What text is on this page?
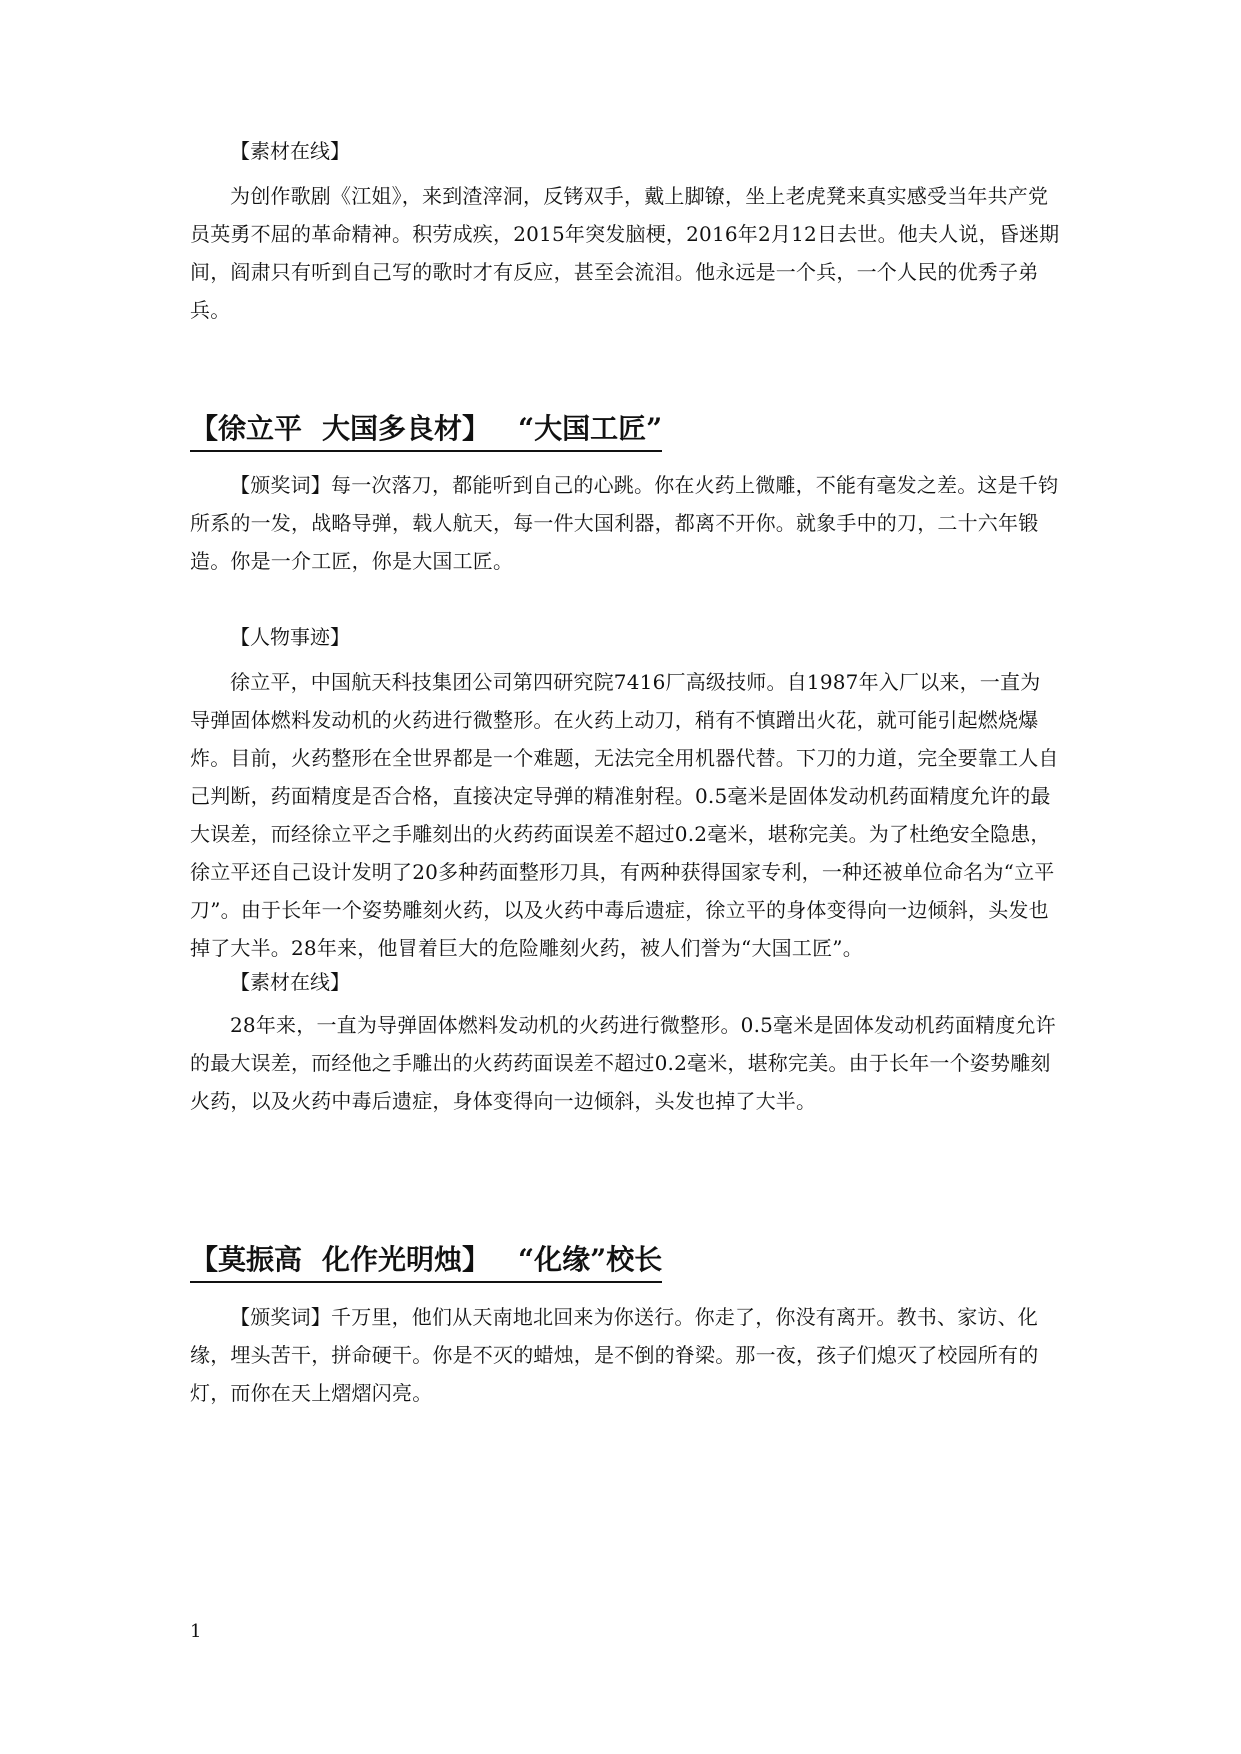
【素材在线】

为创作歌剧《江姐》，来到渣滓洞，反铐双手，戴上脚镣，坐上老虎凳来真实感受当年共产党员英勇不屈的革命精神。积劳成疾，2015年突发脑梗，2016年2月12日去世。他夫人说，昏迷期间，阎肃只有听到自己写的歌时才有反应，甚至会流泪。他永远是一个兵，一个人民的优秀子弟兵。

【徐立平 大国多良材】 “大国工匠”

【颁奖词】每一次落刀，都能听到自己的心跳。你在火药上微雕，不能有毫发之差。这是千钧所系的一发，战略导弹，载人航天，每一件大国利器，都离不开你。就象手中的刀，二十六年锻造。你是一介工匠，你是大国工匠。

【人物事迹】

徐立平，中国航天科技集团公司第四研究院7416厂高级技师。自1987年入厂以来，一直为导弹固体燃料发动机的火药进行微整形。在火药上动刀，稍有不慎蹭出火花，就可能引起燃烧爆炸。目前，火药整形在全世界都是一个难题，无法完全用机器代替。下刀的力道，完全要靠工人自己判断，药面精度是否合格，直接决定导弹的精准射程。0.5毫米是固体发动机药面精度允许的最大误差，而经徐立平之手雕刻出的火药药面误差不超过0.2毫米，堪称完美。为了杜绝安全隐患，徐立平还自己设计发明了20多种药面整形刀具，有两种获得国家专利，一种还被单位命名为“立平刀”。由于长年一个姿势雕刻火药，以及火药中毒后遗症，徐立平的身体变得向一边倾斜，头发也掉了大半。28年来，他冒着巨大的危险雕刻火药，被人们誉为“大国工匠”。

【素材在线】

28年来，一直为导弹固体燃料发动机的火药进行微整形。0.5毫米是固体发动机药面精度允许的最大误差，而经他之手雕出的火药药面误差不超过0.2毫米，堪称完美。由于长年一个姿势雕刻火药，以及火药中毒后遗症，身体变得向一边倾斜，头发也掉了大半。

【莫振高 化作光明烛】 “化缘”校长

【颁奖词】千万里，他们从天南地北回来为你送行。你走了，你没有离开。教书、家访、化缘，埋头苦干，拼命硬干。你是不灭的蜡烛，是不倒的脊梁。那一夜，孩子们熄灭了校园所有的灯，而你在天上熠熠闪亮。

1
